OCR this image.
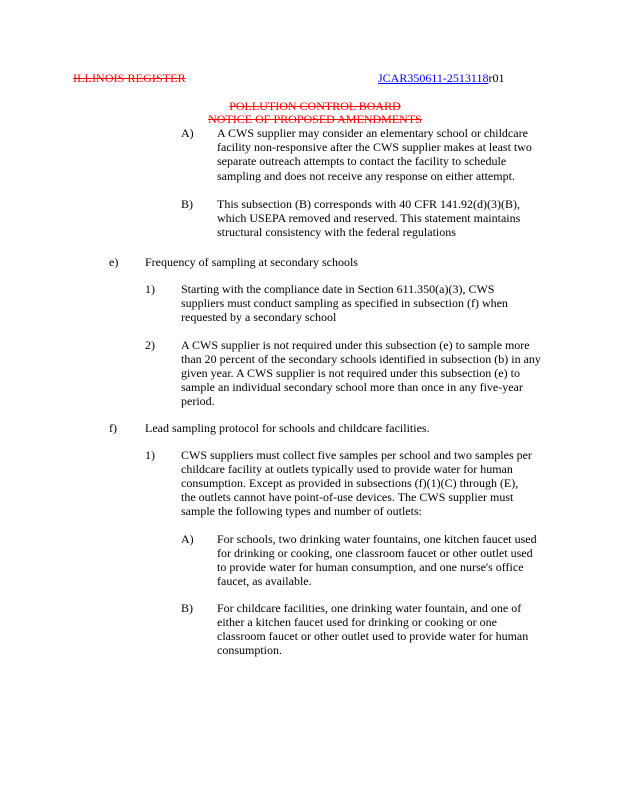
ILLINOIS REGISTER	JCAR350611-2513118r01
POLLUTION CONTROL BOARD
NOTICE OF PROPOSED AMENDMENTS
A) A CWS supplier may consider an elementary school or childcare
facility non-responsive after the CWS supplier makes at least two
separate outreach attempts to contact the facility to schedule
sampling and does not receive any response on either attempt.
B) This subsection (B) corresponds with 40 CFR 141.92(d)(3)(B),
which USEPA removed and reserved. This statement maintains
structural consistency with the federal regulations
e) Frequency of sampling at secondary schools
1) Starting with the compliance date in Section 611.350(a)(3), CWS
suppliers must conduct sampling as specified in subsection (f) when
requested by a secondary school
2) A CWS supplier is not required under this subsection (e) to sample more
than 20 percent of the secondary schools identified in subsection (b) in any
given year. A CWS supplier is not required under this subsection (e) to
sample an individual secondary school more than once in any five-year
period.
f) Lead sampling protocol for schools and childcare facilities.
1) CWS suppliers must collect five samples per school and two samples per
childcare facility at outlets typically used to provide water for human
consumption. Except as provided in subsections (f)(1)(C) through (E),
the outlets cannot have point-of-use devices. The CWS supplier must
sample the following types and number of outlets:
A) For schools, two drinking water fountains, one kitchen faucet used
for drinking or cooking, one classroom faucet or other outlet used
to provide water for human consumption, and one nurse's office
faucet, as available.
B) For childcare facilities, one drinking water fountain, and one of
either a kitchen faucet used for drinking or cooking or one
classroom faucet or other outlet used to provide water for human
consumption.
